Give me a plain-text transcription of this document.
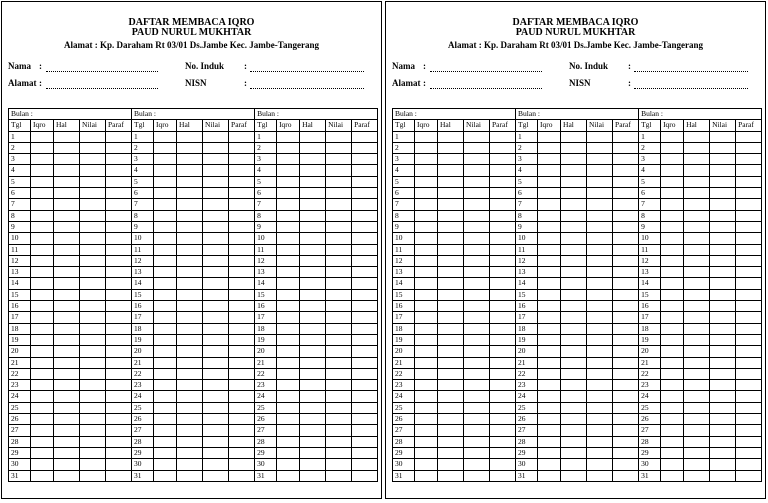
DAFTAR MEMBACA IQRO
PAUD NURUL MUKHTAR
Alamat : Kp. Daraham Rt 03/01 Ds.Jambe Kec. Jambe-Tangerang
Nama :
Alamat :
No. Induk :
NISN	:
Bulan :					Bulan :					Bulan :				
Tgl	Iqro	Hal	Nilai	Paraf	Tgl	Iqro	Hal	Nilai	Paraf	Tgl	Iqro	Hal	Nilai	Paraf
1					1					1				
2					2					2				
3					3					3				
4					4					4				
5					5					5				
6					6					6				
7					7					7				
8					8					8				
9					9					9				
10					10					10				
11					11					11				
12					12					12				
13					13					13				
14					14					14				
15					15					15				
16					16					16				
17					17					17				
18					18					18				
19					19					19				
20					20					20				
21					21					21				
22					22					22				
23					23					23				
24					24					24				
25					25					25				
26					26					26				
27					27					27				
28					28					28				
29					29					29				
30					30					30				
31					31					31				
DAFTAR MEMBACA IQRO
PAUD NURUL MUKHTAR
Alamat : Kp. Daraham Rt 03/01 Ds.Jambe Kec. Jambe-Tangerang
Nama :
Alamat :
No. Induk :
NISN	:
Bulan :					Bulan :					Bulan :				
Tgl	Iqro	Hal	Nilai	Paraf	Tgl	Iqro	Hal	Nilai	Paraf	Tgl	Iqro	Hal	Nilai	Paraf
1					1					1				
2					2					2				
3					3					3				
4					4					4				
5					5					5				
6					6					6				
7					7					7				
8					8					8				
9					9					9				
10					10					10				
11					11					11				
12					12					12				
13					13					13				
14					14					14				
15					15					15				
16					16					16				
17					17					17				
18					18					18				
19					19					19				
20					20					20				
21					21					21				
22					22					22				
23					23					23				
24					24					24				
25					25					25				
26					26					26				
27					27					27				
28					28					28				
29					29					29				
30					30					30				
31					31					31				
